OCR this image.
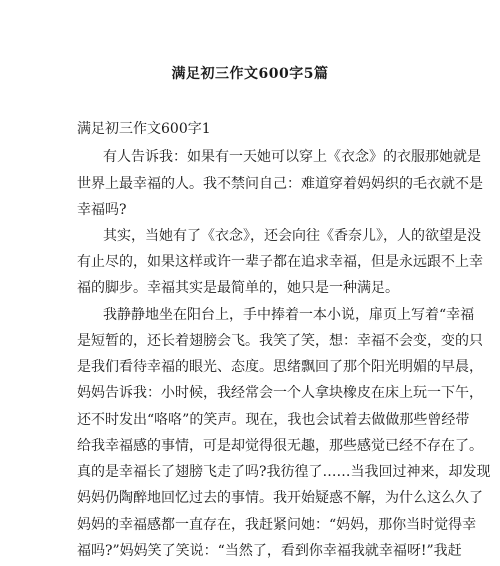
满足初三作文600字5篇
满足初三作文600字1
有人告诉我：如果有一天她可以穿上《衣念》的衣服那她就是
世界上最幸福的人。我不禁问自己：难道穿着妈妈织的毛衣就不是
幸福吗?
其实，当她有了《衣念》，还会向往《香奈儿》，人的欲望是没
有止尽的，如果这样或许一辈子都在追求幸福，但是永远跟不上幸
福的脚步。幸福其实是最简单的，她只是一种满足。
我静静地坐在阳台上，手中捧着一本小说，扉页上写着“幸福
是短暂的，还长着翅膀会飞。我笑了笑，想：幸福不会变，变的只
是我们看待幸福的眼光、态度。思绪飘回了那个阳光明媚的早晨，
妈妈告诉我：小时候，我经常会一个人拿块橡皮在床上玩一下午，
还不时发出“咯咯”的笑声。现在，我也会试着去做做那些曾经带
给我幸福感的事情，可是却觉得很无趣，那些感觉已经不存在了。
真的是幸福长了翅膀飞走了吗?我彷徨了……当我回过神来，却发现
妈妈仍陶醉地回忆过去的事情。我开始疑惑不解，为什么这么久了
妈妈的幸福感都一直存在，我赶紧问她：“妈妈，那你当时觉得幸
福吗?”妈妈笑了笑说：“当然了，看到你幸福我就幸福呀!”我赶
